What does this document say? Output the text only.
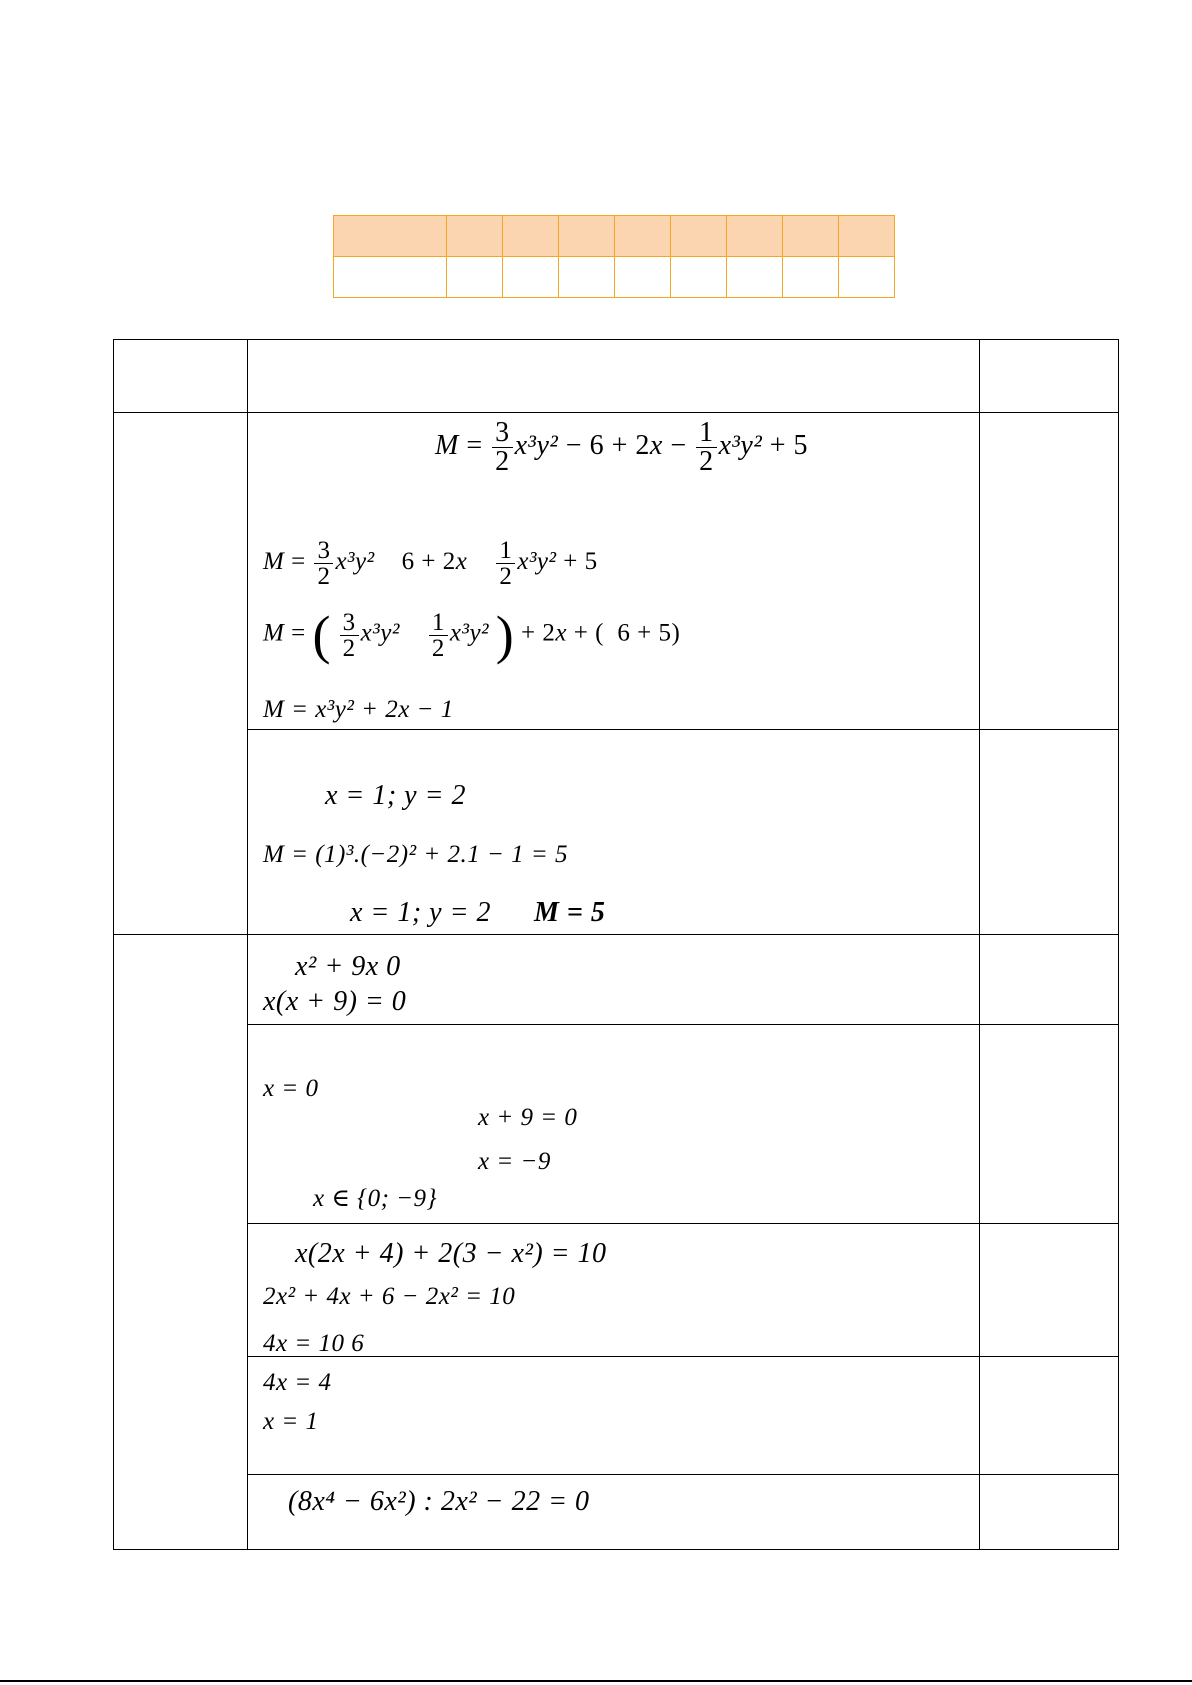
$M = \frac{3}{2} x^3y^2 - 6 + 2x - \frac{1}{2} x^3y^2 + 5$
$M = \frac{3}{2} x^3y^2$    $6 + 2x \frac{1}{2} x^3y^2 + 5$
M = ( $\frac{3}{2} x^3y^2 \frac{1}{2} x^3y^2$ ) + 2x + (  6 + 5)
M = x³y² + 2x − 1
x = 1; y = 2
M = (1)³.(−2)² + 2.1 − 1 = 5
x = 1; y = 2 M = 5
x² + 9x 0
x(x + 9) = 0
x = 0
x + 9 = 0
x = −9
x ∈ {0; −9}
x(2x + 4) + 2(3 − x²) = 10
2x² + 4x + 6 − 2x² = 10
4x = 10 6
4x = 4
x = 1
(8x⁴ − 6x²) : 2x² − 22 = 0
